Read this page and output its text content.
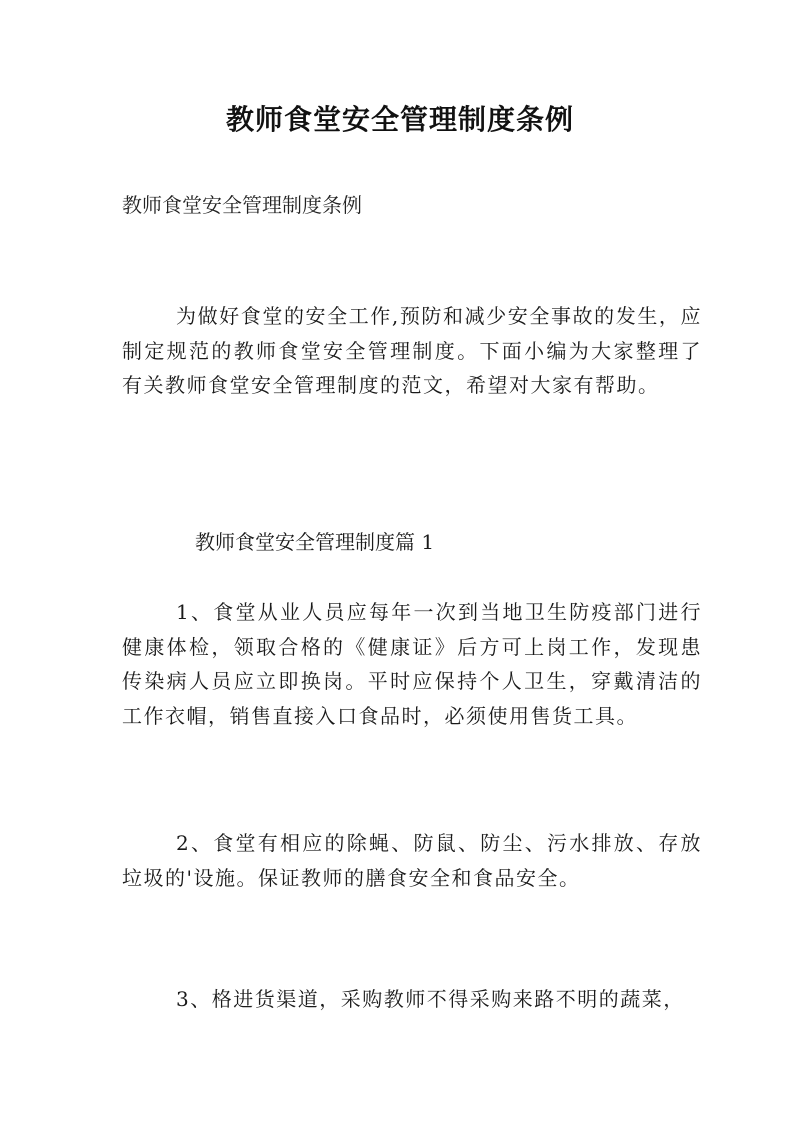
教师食堂安全管理制度条例
教师食堂安全管理制度条例
为做好食堂的安全工作,预防和减少安全事故的发生，应制定规范的教师食堂安全管理制度。下面小编为大家整理了有关教师食堂安全管理制度的范文，希望对大家有帮助。
教师食堂安全管理制度篇 1
1、食堂从业人员应每年一次到当地卫生防疫部门进行健康体检，领取合格的《健康证》后方可上岗工作，发现患传染病人员应立即换岗。平时应保持个人卫生，穿戴清洁的工作衣帽，销售直接入口食品时，必须使用售货工具。
2、食堂有相应的除蝇、防鼠、防尘、污水排放、存放垃圾的'设施。保证教师的膳食安全和食品安全。
3、格进货渠道，采购教师不得采购来路不明的蔬菜，
